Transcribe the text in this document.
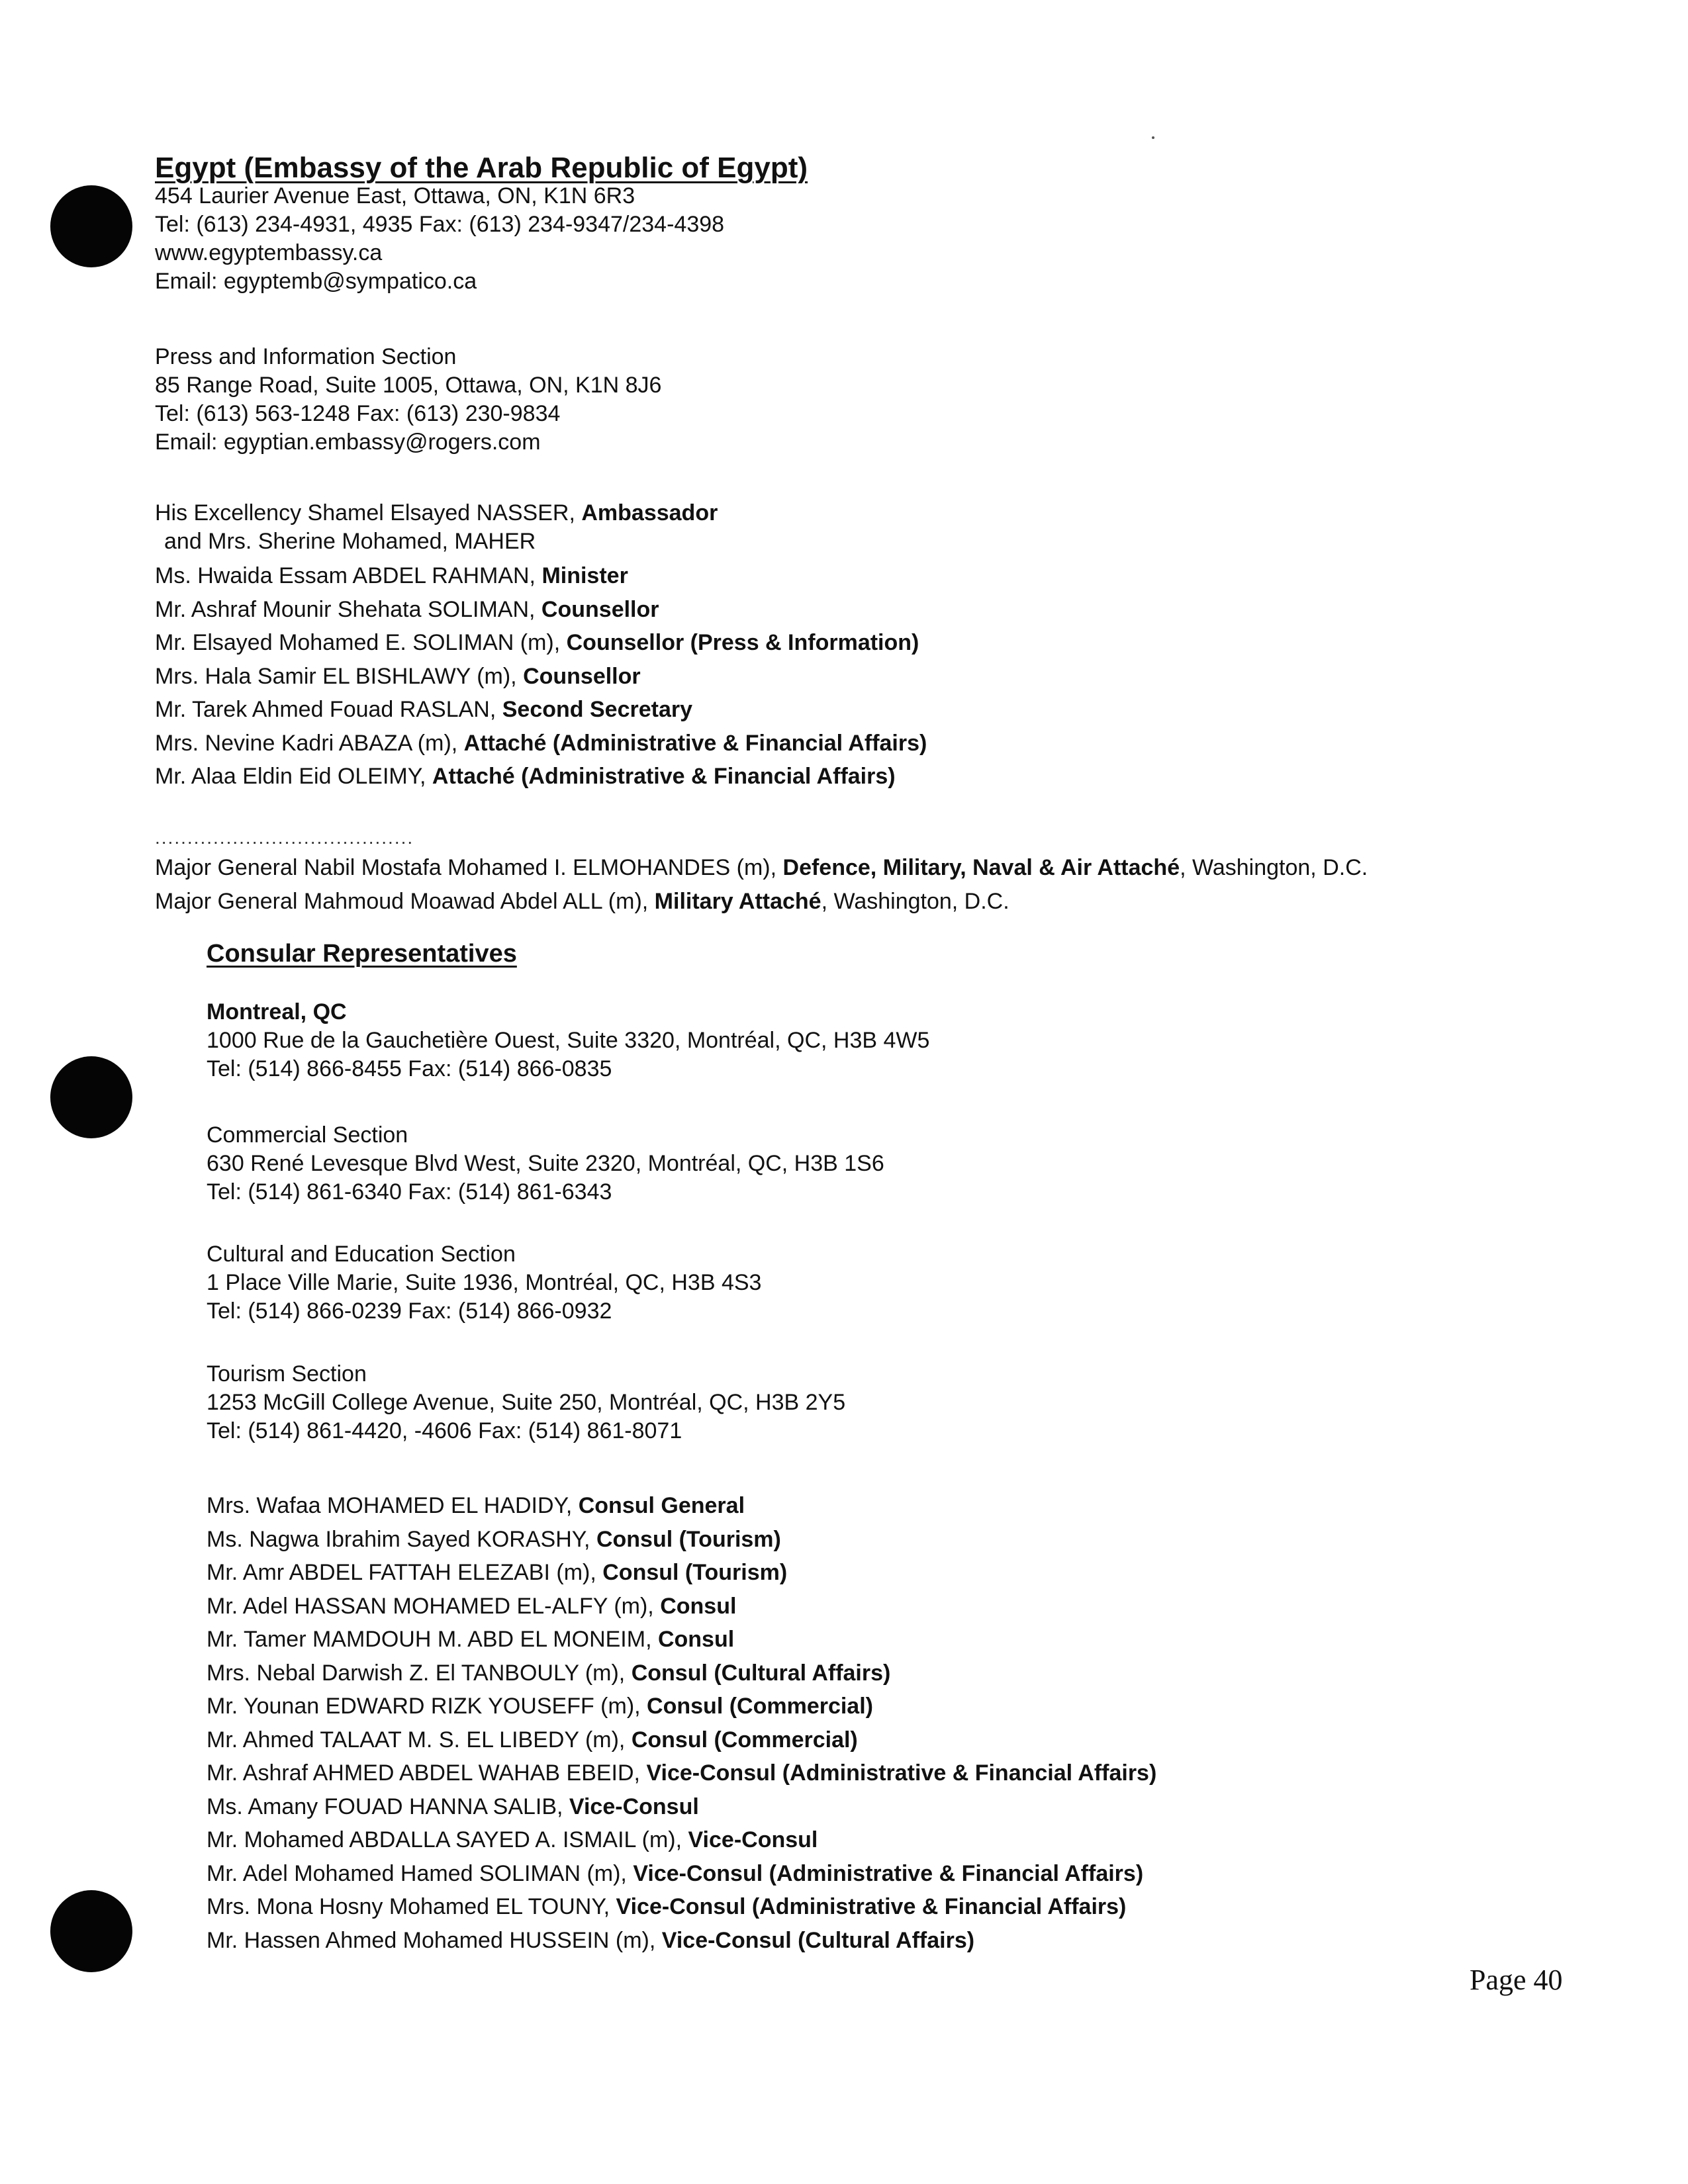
Egypt (Embassy of the Arab Republic of Egypt)
454 Laurier Avenue East, Ottawa, ON, K1N 6R3
Tel: (613) 234-4931, 4935 Fax: (613) 234-9347/234-4398
www.egyptembassy.ca
Email: egyptemb@sympatico.ca
Press and Information Section
85 Range Road, Suite 1005, Ottawa, ON, K1N 8J6
Tel: (613) 563-1248 Fax: (613) 230-9834
Email: egyptian.embassy@rogers.com
His Excellency Shamel Elsayed NASSER, Ambassador
and Mrs. Sherine Mohamed, MAHER
Ms. Hwaida Essam ABDEL RAHMAN, Minister
Mr. Ashraf Mounir Shehata SOLIMAN, Counsellor
Mr. Elsayed Mohamed E. SOLIMAN (m), Counsellor (Press & Information)
Mrs. Hala Samir EL BISHLAWY (m), Counsellor
Mr. Tarek Ahmed Fouad RASLAN, Second Secretary
Mrs. Nevine Kadri ABAZA (m), Attaché (Administrative & Financial Affairs)
Mr. Alaa Eldin Eid OLEIMY, Attaché (Administrative & Financial Affairs)
........................................
Major General Nabil Mostafa Mohamed I. ELMOHANDES (m), Defence, Military, Naval & Air Attaché, Washington, D.C.
Major General Mahmoud Moawad Abdel ALL (m), Military Attaché, Washington, D.C.
Consular Representatives
Montreal, QC
1000 Rue de la Gauchetière Ouest, Suite 3320, Montréal, QC, H3B 4W5
Tel: (514) 866-8455 Fax: (514) 866-0835
Commercial Section
630 René Levesque Blvd West, Suite 2320, Montréal, QC, H3B 1S6
Tel: (514) 861-6340 Fax: (514) 861-6343
Cultural and Education Section
1 Place Ville Marie, Suite 1936, Montréal, QC, H3B 4S3
Tel: (514) 866-0239 Fax: (514) 866-0932
Tourism Section
1253 McGill College Avenue, Suite 250, Montréal, QC, H3B 2Y5
Tel: (514) 861-4420, -4606 Fax: (514) 861-8071
Mrs. Wafaa MOHAMED EL HADIDY, Consul General
Ms. Nagwa Ibrahim Sayed KORASHY, Consul (Tourism)
Mr. Amr ABDEL FATTAH ELEZABI (m), Consul (Tourism)
Mr. Adel HASSAN MOHAMED EL-ALFY (m), Consul
Mr. Tamer MAMDOUH M. ABD EL MONEIM, Consul
Mrs. Nebal Darwish Z. El TANBOULY (m), Consul (Cultural Affairs)
Mr. Younan EDWARD RIZK YOUSEFF (m), Consul (Commercial)
Mr. Ahmed TALAAT M. S. EL LIBEDY (m), Consul (Commercial)
Mr. Ashraf AHMED ABDEL WAHAB EBEID, Vice-Consul (Administrative & Financial Affairs)
Ms. Amany FOUAD HANNA SALIB, Vice-Consul
Mr. Mohamed ABDALLA SAYED A. ISMAIL (m), Vice-Consul
Mr. Adel Mohamed Hamed SOLIMAN (m), Vice-Consul (Administrative & Financial Affairs)
Mrs. Mona Hosny Mohamed EL TOUNY, Vice-Consul (Administrative & Financial Affairs)
Mr. Hassen Ahmed Mohamed HUSSEIN (m), Vice-Consul (Cultural Affairs)
Page 40
